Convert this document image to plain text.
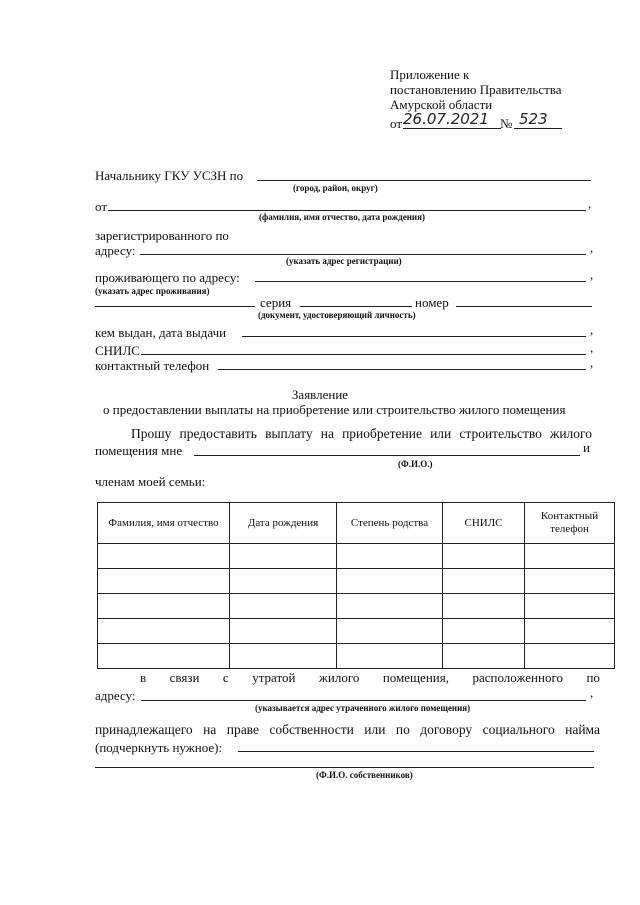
Приложение к
постановлению Правительства
Амурской области
от 26.07.2021 № 523
Начальнику ГКУ УСЗН по
(город, район, округ)
от	,
(фамилия, имя отчество, дата рождения)
зарегистрированного по
адресу:	,
(указать адрес регистрации)
проживающего по адресу:	,
(указать адрес проживания)
серия	номер
(документ, удостоверяющий личность)
кем выдан, дата выдачи	,
СНИЛС	,
контактный телефон	,
Заявление
о предоставлении выплаты на приобретение или строительство жилого помещения
Прошу предоставить выплату на приобретение или строительство жилого
помещения мне	и
(Ф.И.О.)
членам моей семьи:
Фамилия, имя отчество	Дата рождения	Степень родства	СНИЛС	Контактный телефон

в связи с утратой жилого помещения, расположенного по
адресу:	,
(указывается адрес утраченного жилого помещения)
принадлежащего на праве собственности или по договору социального найма
(подчеркнуть нужное):
(Ф.И.О. собственников)
